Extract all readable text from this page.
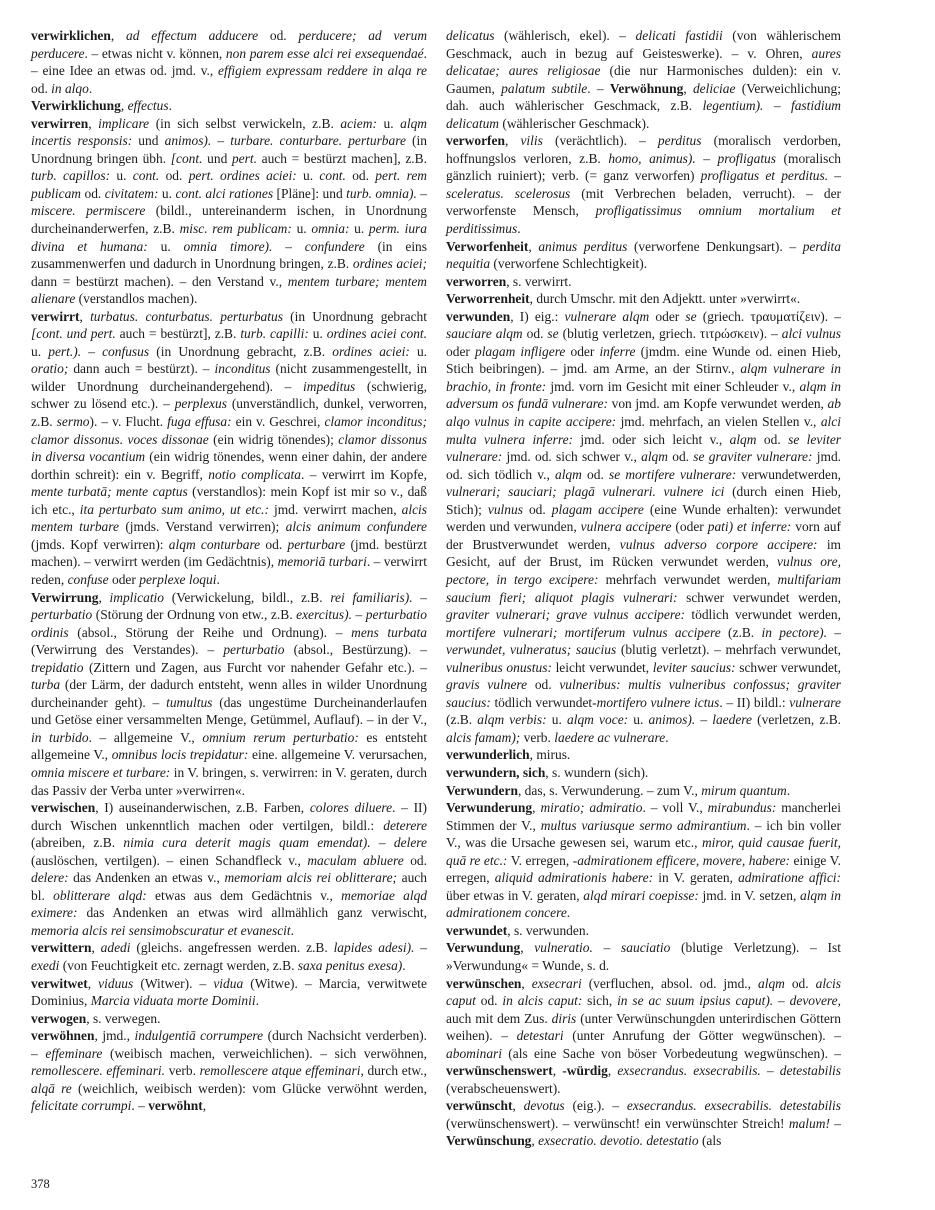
verwirklichen, ad effectum adducere od. perducere; ad verum perducere. – etwas nicht v. können, non parem esse alci rei exsequendaé. – eine Idee an etwas od. jmd. v., effigiem expressam reddere in alqa re od. in alqo.

Verwirklichung, effectus.

verwirren, implicare (in sich selbst verwickeln, z.B. aciem: u. alqm incertis responsis: und animos). – turbare. conturbare. perturbare (in Unordnung bringen übh. [cont. und pert. auch = bestürzt machen], z.B. turb. capillos: u. cont. od. pert. ordines aciei: u. cont. od. pert. rem publicam od. civitatem: u. cont. alci rationes [Pläne]: und turb. omnia). – miscere. permiscere (bildl., untereinanderm ischen, in Unordnung durcheinanderwerfen, z.B. misc. rem publicam: u. omnia: u. perm. iura divina et humana: u. omnia timore). – confundere (in eins zusammenwerfen und dadurch in Unordnung bringen, z.B. ordines aciei; dann = bestürzt machen). – den Verstand v., mentem turbare; mentem alienare (verstandlos machen).

verwirrt, turbatus. conturbatus. perturbatus (in Unordnung gebracht [cont. und pert. auch = bestürzt], z.B. turb. capilli: u. ordines aciei cont. u. pert.). – confusus (in Unordnung gebracht, z.B. ordines aciei: u. oratio; dann auch = bestürzt). – inconditus (nicht zusammengestellt, in wilder Unordnung durcheinandergehend). – impeditus (schwierig, schwer zu lösend etc.). – perplexus (unverständlich, dunkel, verworren, z.B. sermo). – v. Flucht. fuga effusa: ein v. Geschrei, clamor inconditus; clamor dissonus. voces dissonae (ein widrig tönendes); clamor dissonus in diversa vocantium (ein widrig tönendes, wenn einer dahin, der andere dorthin schreit): ein v. Begriff, notio complicata. – verwirrt im Kopfe, mente turbatā; mente captus (verstandlos): mein Kopf ist mir so v., daß ich etc., ita perturbato sum animo, ut etc.: jmd. verwirrt machen, alcis mentem turbare (jmds. Verstand verwirren); alcis animum confundere (jmds. Kopf verwirren): alqm conturbare od. perturbare (jmd. bestürzt machen). – verwirrt werden (im Gedächtnis), memoriā turbari. – verwirrt reden, confuse oder perplexe loqui.

Verwirrung, implicatio (Verwickelung, bildl., z.B. rei familiaris). – perturbatio (Störung der Ordnung von etw., z.B. exercitus). – perturbatio ordinis (absol., Störung der Reihe und Ordnung). – mens turbata (Verwirrung des Verstandes). – perturbatio (absol., Bestürzung). – trepidatio (Zittern und Zagen, aus Furcht vor nahender Gefahr etc.). – turba (der Lärm, der dadurch entsteht, wenn alles in wilder Unordnung durcheinander geht). – tumultus (das ungestüme Durcheinanderlaufen und Getöse einer versammelten Menge, Getümmel, Auflauf). – in der V., in turbido. – allgemeine V., omnium rerum perturbatio: es entsteht allgemeine V., omnibus locis trepidatur: eine. allgemeine V. verursachen, omnia miscere et turbare: in V. bringen, s. verwirren: in V. geraten, durch das Passiv der Verba unter »verwirren«.

verwischen, I) auseinanderwischen, z.B. Farben, colores diluere. – II) durch Wischen unkenntlich machen oder vertilgen, bildl.: deterere (abreiben, z.B. nimia cura deterit magis quam emendat). – delere (auslöschen, vertilgen). – einen Schandfleck v., maculam abluere od. delere: das Andenken an etwas v., memoriam alcis rei oblitterare; auch bl. oblitterare alqd: etwas aus dem Gedächtnis v., memoriae alqd eximere: das Andenken an etwas wird allmählich ganz verwischt, memoria alcis rei sensimobscuratur et evanescit.

verwittern, adedi (gleichs. angefressen werden. z.B. lapides adesi). – exedi (von Feuchtigkeit etc. zernagt werden, z.B. saxa penitus exesa).

verwitwet, viduus (Witwer). – vidua (Witwe). – Marcia, verwitwete Dominius, Marcia viduata morte Dominii.

verwogen, s. verwegen.

verwöhnen, jmd., indulgentiā corrumpere (durch Nachsicht verderben). – effeminare (weibisch machen, verweichlichen). – sich verwöhnen, remollescere. effeminari. verb. remollescere atque effeminari, durch etw., alqā re (weichlich, weibisch werden): vom Glücke verwöhnt werden, felicitate corrumpi. – verwöhnt,

delicatus (wählerisch, ekel). – delicati fastidii (von wählerischem Geschmack, auch in bezug auf Geisteswerke). – v. Ohren, aures delicatae; aures religiosae (die nur Harmonisches dulden): ein v. Gaumen, palatum subtile. – Verwöhnung, deliciae (Verweichlichung; dah. auch wählerischer Geschmack, z.B. legentium). – fastidium delicatum (wählerischer Geschmack).

verworfen, vilis (verächtlich). – perditus (moralisch verdorben, hoffnungslos verloren, z.B. homo, animus). – profligatus (moralisch gänzlich ruiniert); verb. (= ganz verworfen) profligatus et perditus. – sceleratus. scelerosus (mit Verbrechen beladen, verrucht). – der verworfenste Mensch, profligatissimus omnium mortalium et perditissimus.

Verworfenheit, animus perditus (verworfene Denkungsart). – perdita nequitia (verworfene Schlechtigkeit).

verworren, s. verwirrt.

Verworrenheit, durch Umschr. mit den Adjektt. unter »verwirrt«.

verwunden, I) eig.: vulnerare alqm oder se (griech. τραυματίζειν). – sauciare alqm od. se (blutig verletzen, griech. τιτρώσκειν). – alci vulnus oder plagam infligere oder inferre (jmdm. eine Wunde od. einen Hieb, Stich beibringen). – jmd. am Arme, an der Stirnv., alqm vulnerare in brachio, in fronte: jmd. vorn im Gesicht mit einer Schleuder v., alqm in adversum os fundā vulnerare: von jmd. am Kopfe verwundet werden, ab alqo vulnus in capite accipere: jmd. mehrfach, an vielen Stellen v., alci multa vulnera inferre: jmd. oder sich leicht v., alqm od. se leviter vulnerare: jmd. od. sich schwer v., alqm od. se graviter vulnerare: jmd. od. sich tödlich v., alqm od. se mortifere vulnerare: verwundetwerden, vulnerari; sauciari; plagā vulnerari. vulnere ici (durch einen Hieb, Stich); vulnus od. plagam accipere (eine Wunde erhalten): verwundet werden und verwunden, vulnera accipere (oder pati) et inferre: vorn auf der Brustverwundet werden, vulnus adverso corpore accipere: im Gesicht, auf der Brust, im Rücken verwundet werden, vulnus ore, pectore, in tergo excipere: mehrfach verwundet werden, multifariam saucium fieri; aliquot plagis vulnerari: schwer verwundet werden, graviter vulnerari; grave vulnus accipere: tödlich verwundet werden, mortifere vulnerari; mortiferum vulnus accipere (z.B. in pectore). – verwundet, vulneratus; saucius (blutig verletzt). – mehrfach verwundet, vulneribus onustus: leicht verwundet, leviter saucius: schwer verwundet, gravis vulnere od. vulneribus: multis vulneribus confossus; graviter saucius: tödlich verwundet-mortifero vulnere ictus. – II) bildl.: vulnerare (z.B. alqm verbis: u. alqm voce: u. animos). – laedere (verletzen, z.B. alcis famam); verb. laedere ac vulnerare.

verwunderlich, mirus.

verwundern, sich, s. wundern (sich).

Verwundern, das, s. Verwunderung. – zum V., mirum quantum.

Verwunderung, miratio; admiratio. – voll V., mirabundus: mancherlei Stimmen der V., multus variusque sermo admirantium. – ich bin voller V., was die Ursache gewesen sei, warum etc., miror, quid causae fuerit, quā re etc.: V. erregen, -admirationem efficere, movere, habere: einige V. erregen, aliquid admirationis habere: in V. geraten, admiratione affici: über etwas in V. geraten, alqd mirari coepisse: jmd. in V. setzen, alqm in admirationem concere.

verwundet, s. verwunden.

Verwundung, vulneratio. – sauciatio (blutige Verletzung). – Ist »Verwundung« = Wunde, s. d.

verwünschen, exsecrari (verfluchen, absol. od. jmd., alqm od. alcis caput od. in alcis caput: sich, in se ac suum ipsius caput). – devovere, auch mit dem Zus. diris (unter Verwünschungden unterirdischen Göttern weihen). – detestari (unter Anrufung der Götter wegwünschen). – abominari (als eine Sache von böser Vorbedeutung wegwünschen). – verwünschenswert, -würdig, exsecrandus. exsecrabilis. – detestabilis (verabscheuenswert).

verwünscht, devotus (eig.). – exsecrandus. exsecrabilis. detestabilis (verwünschenswert). – verwünscht! ein verwünschter Streich! malum! – Verwünschung, exsecratio. devotio. detestatio (als

378
